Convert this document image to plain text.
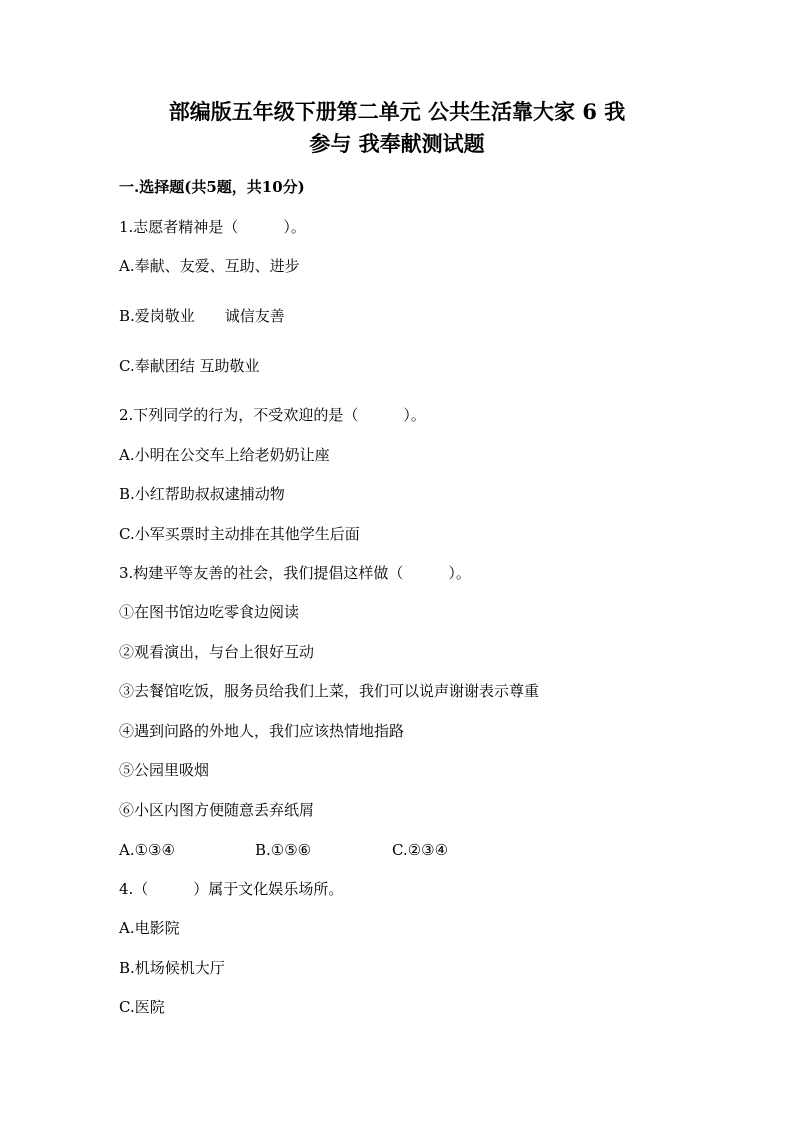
部编版五年级下册第二单元 公共生活靠大家 6 我
参与 我奉献测试题
一.选择题(共5题，共10分)
1.志愿者精神是（　　　）。
A.奉献、友爱、互助、进步
B.爱岗敬业　　诚信友善
C.奉献团结 互助敬业
2.下列同学的行为，不受欢迎的是（　　　）。
A.小明在公交车上给老奶奶让座
B.小红帮助叔叔逮捕动物
C.小军买票时主动排在其他学生后面
3.构建平等友善的社会，我们提倡这样做（　　　）。
①在图书馆边吃零食边阅读
②观看演出，与台上很好互动
③去餐馆吃饭，服务员给我们上菜，我们可以说声谢谢表示尊重
④遇到问路的外地人，我们应该热情地指路
⑤公园里吸烟
⑥小区内图方便随意丢弃纸屑
A.①③④	B.①⑤⑥	C.②③④
4.（　　　）属于文化娱乐场所。
A.电影院
B.机场候机大厅
C.医院
